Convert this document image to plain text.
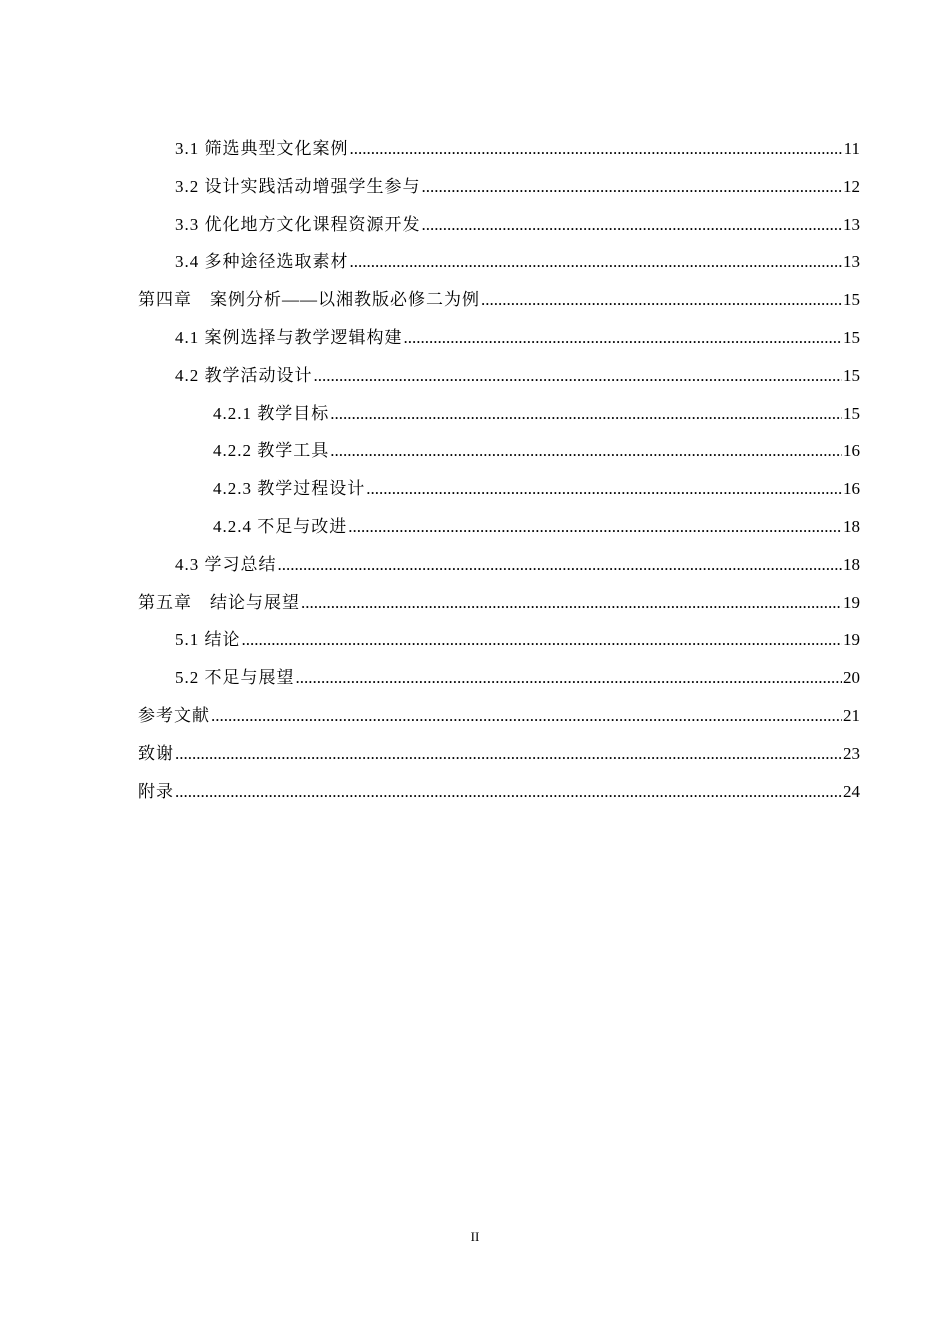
3.1 筛选典型文化案例 .....	11
3.2 设计实践活动增强学生参与 .....	12
3.3 优化地方文化课程资源开发 .....	13
3.4 多种途径选取素材 .....	13
第四章　案例分析——以湘教版必修二为例 .....	15
4.1 案例选择与教学逻辑构建 .....	15
4.2 教学活动设计 .....	15
4.2.1 教学目标 .....	15
4.2.2 教学工具 .....	16
4.2.3 教学过程设计 .....	16
4.2.4 不足与改进 .....	18
4.3 学习总结 .....	18
第五章　结论与展望 .....	19
5.1 结论 .....	19
5.2 不足与展望 .....	20
参考文献 .....	21
致谢 .....	23
附录 .....	24
II
